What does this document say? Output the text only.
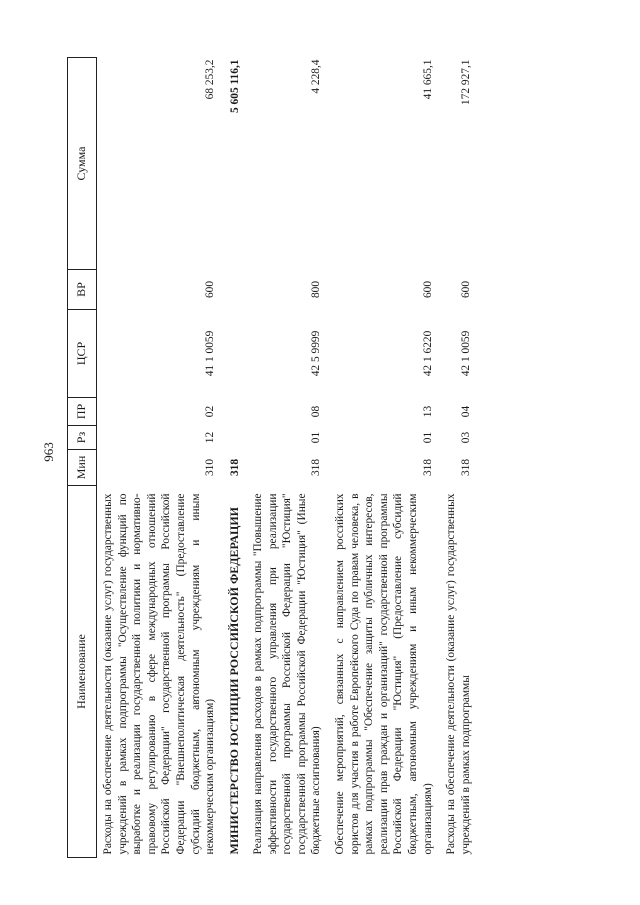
963
Наименование	Мин	Рз	ПР	ЦСР	ВР	Сумма
Расходы на обеспечение деятельности (оказание услуг) государственных учреждений в рамках подпрограммы "Осуществление функций по выработке и реализации государственной политики и нормативно-правовому регулированию в сфере международных отношений Российской Федерации" государственной программы Российской Федерации "Внешнеполитическая деятельность" (Предоставление субсидий бюджетным, автономным учреждениям и иным некоммерческим организациям)	310	12	02	41 1 0059	600	68 253,2
МИНИСТЕРСТВО ЮСТИЦИИ РОССИЙСКОЙ ФЕДЕРАЦИИ	318					5 605 116,1
Реализация направления расходов в рамках подпрограммы "Повышение эффективности государственного управления при реализации государственной программы Российской Федерации "Юстиция" государственной программы Российской Федерации "Юстиция" (Иные бюджетные ассигнования)	318	01	08	42 5 9999	800	4 228,4
Обеспечение мероприятий, связанных с направлением российских юристов для участия в работе Европейского Суда по правам человека, в рамках подпрограммы "Обеспечение защиты публичных интересов, реализации прав граждан и организаций" государственной программы Российской Федерации "Юстиция" (Предоставление субсидий бюджетным, автономным учреждениям и иным некоммерческим организациям)	318	01	13	42 1 6220	600	41 665,1
Расходы на обеспечение деятельности (оказание услуг) государственных учреждений в рамках подпрограммы	318	03	04	42 1 0059	600	172 927,1
